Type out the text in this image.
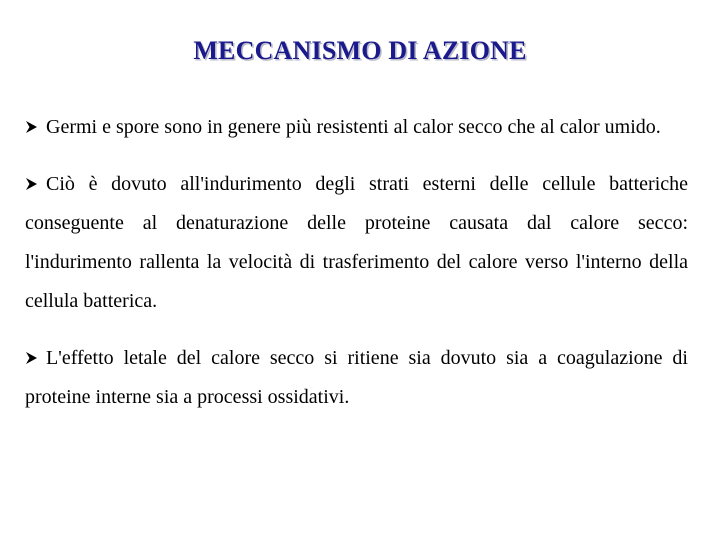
MECCANISMO DI AZIONE

Germi e spore sono in genere più resistenti al calor secco che al calor umido.

Ciò è dovuto all'indurimento degli strati esterni delle cellule batteriche conseguente al denaturazione delle proteine causata dal calore secco: l'indurimento rallenta la velocità di trasferimento del calore verso l'interno della cellula batterica.

L'effetto letale del calore secco si ritiene sia dovuto sia a coagulazione di proteine interne sia a processi ossidativi.
